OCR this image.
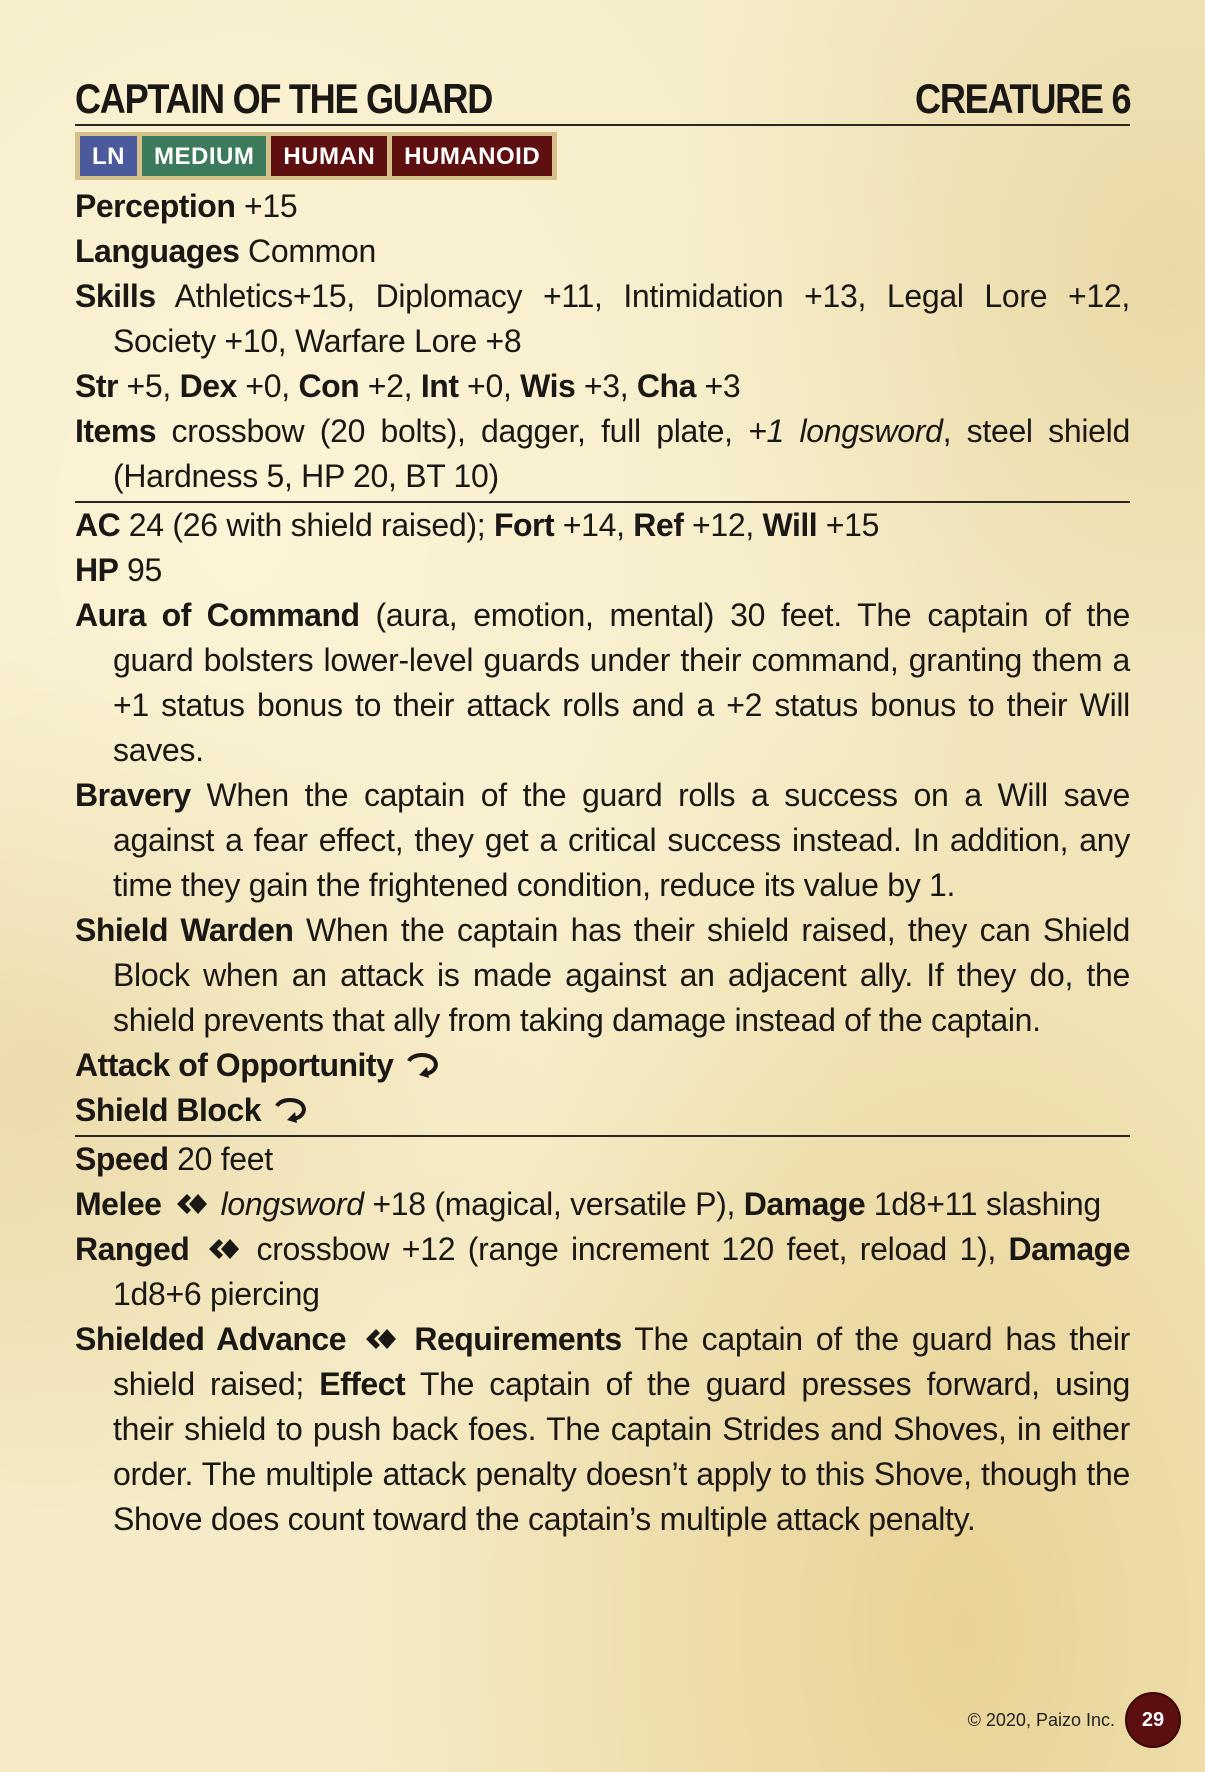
CAPTAIN OF THE GUARD	CREATURE 6
LN	MEDIUM	HUMAN	HUMANOID
Perception +15
Languages Common
Skills Athletics+15, Diplomacy +11, Intimidation +13, Legal Lore +12, Society +10, Warfare Lore +8
Str +5, Dex +0, Con +2, Int +0, Wis +3, Cha +3
Items crossbow (20 bolts), dagger, full plate, +1 longsword, steel shield (Hardness 5, HP 20, BT 10)
AC 24 (26 with shield raised); Fort +14, Ref +12, Will +15
HP 95
Aura of Command (aura, emotion, mental) 30 feet. The captain of the guard bolsters lower-level guards under their command, granting them a +1 status bonus to their attack rolls and a +2 status bonus to their Will saves.
Bravery When the captain of the guard rolls a success on a Will save against a fear effect, they get a critical success instead. In addition, any time they gain the frightened condition, reduce its value by 1.
Shield Warden When the captain has their shield raised, they can Shield Block when an attack is made against an adjacent ally. If they do, the shield prevents that ally from taking damage instead of the captain.
Attack of Opportunity
Shield Block
Speed 20 feet
Melee longsword +18 (magical, versatile P), Damage 1d8+11 slashing
Ranged  crossbow +12 (range increment 120 feet, reload 1), Damage 1d8+6 piercing
Shielded Advance Requirements The captain of the guard has their shield raised; Effect The captain of the guard presses forward, using their shield to push back foes. The captain Strides and Shoves, in either order. The multiple attack penalty doesn’t apply to this Shove, though the Shove does count toward the captain’s multiple attack penalty.
© 2020, Paizo Inc.	29
